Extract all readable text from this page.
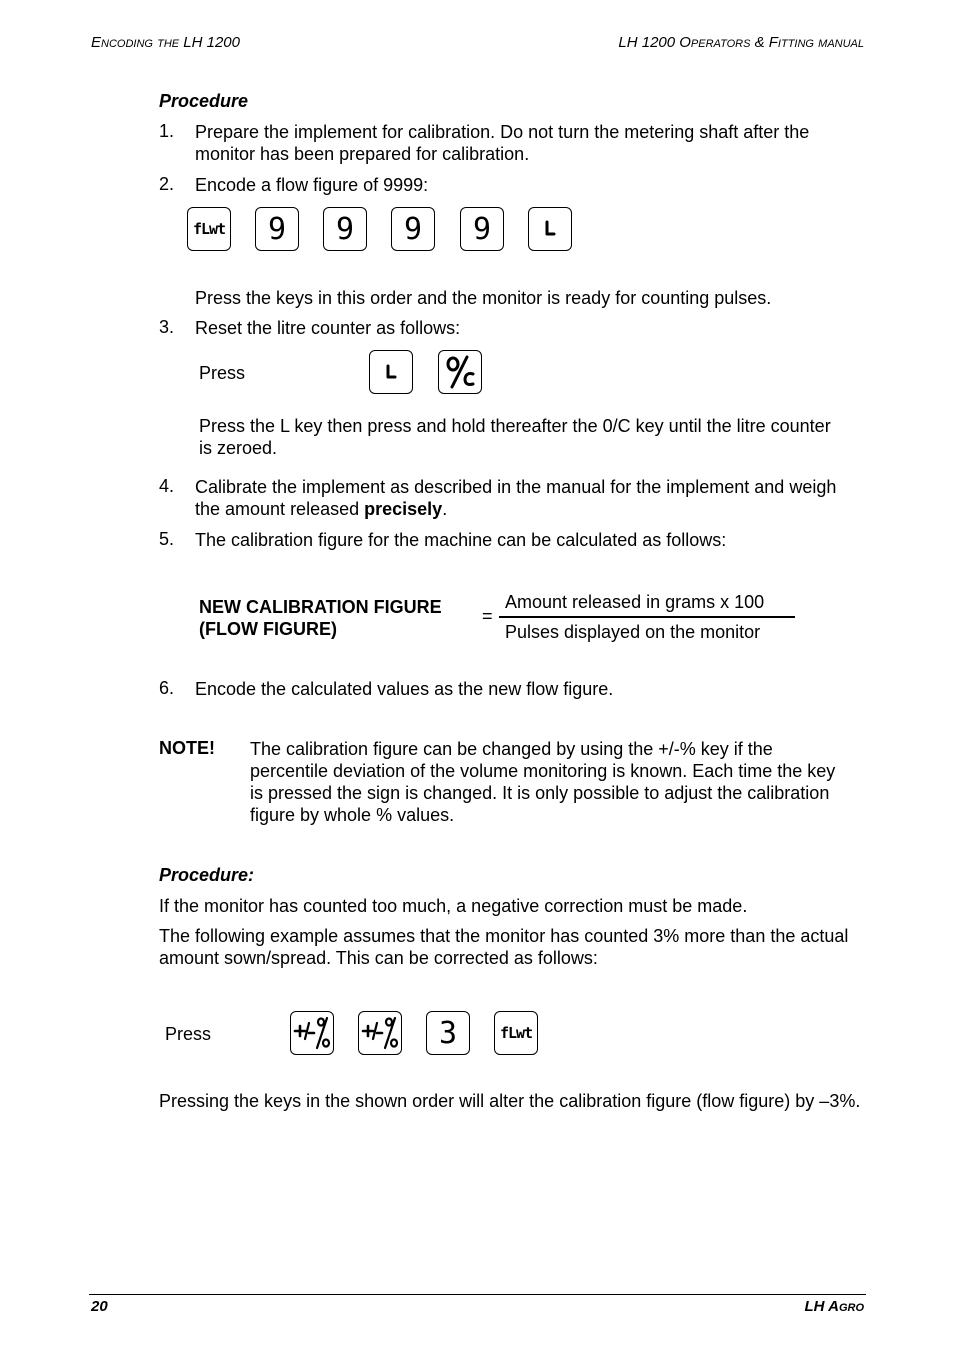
Encoding the LH 1200	LH 1200 Operators & Fitting manual
Procedure
1.	Prepare the implement for calibration. Do not turn the metering shaft after the monitor has been prepared for calibration.
2.	Encode a flow figure of 9999:
fLwt 9 9 9 9
Press the keys in this order and the monitor is ready for counting pulses.
3.	Reset the litre counter as follows:
Press
Press the L key then press and hold thereafter the 0/C key until the litre counter is zeroed.
4.	Calibrate the implement as described in the manual for the implement and weigh the amount released precisely.
5.	The calibration figure for the machine can be calculated as follows:
NEW CALIBRATION FIGURE
(FLOW FIGURE)
=
Amount released in grams x 100
Pulses displayed on the monitor
6.	Encode the calculated values as the new flow figure.
NOTE! The calibration figure can be changed by using the +/-% key if the percentile deviation of the volume monitoring is known. Each time the key is pressed the sign is changed. It is only possible to adjust the calibration figure by whole % values.
Procedure:
If the monitor has counted too much, a negative correction must be made.
The following example assumes that the monitor has counted 3% more than the actual amount sown/spread. This can be corrected as follows:
Press	3	fLwt
Pressing the keys in the shown order will alter the calibration figure (flow figure) by –3%.
20	LH Agro
